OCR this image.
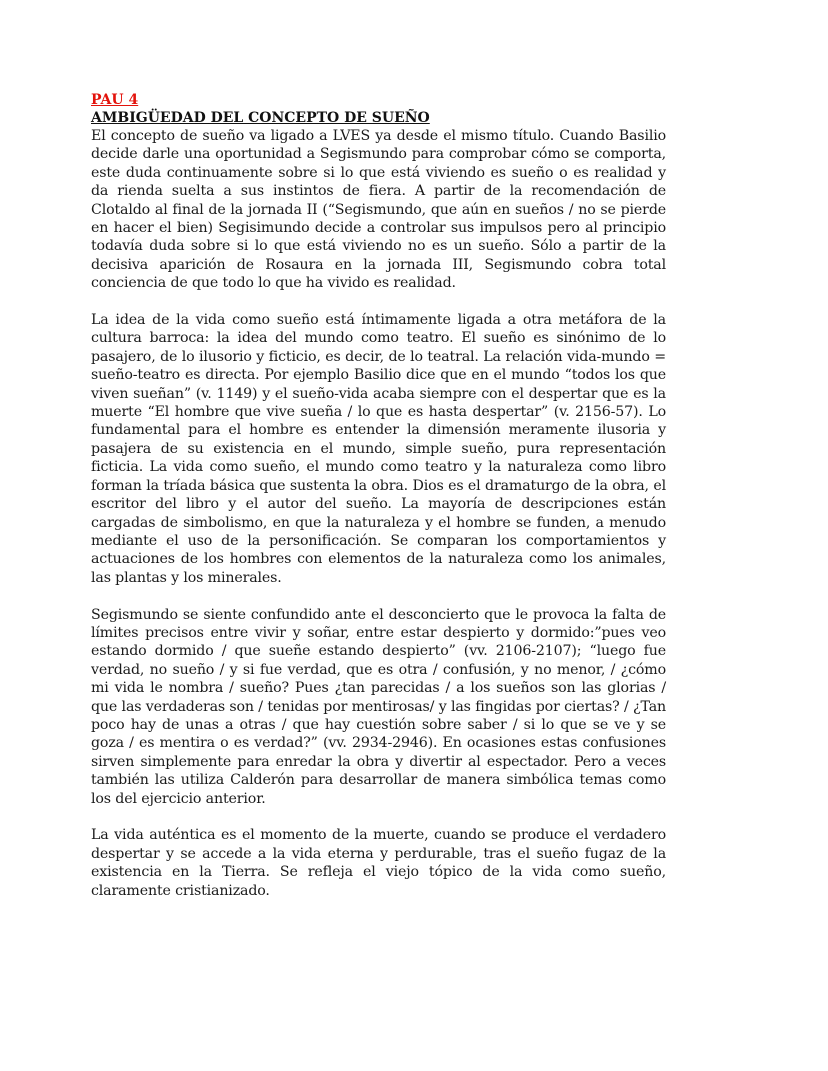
PAU 4
AMBIGÜEDAD DEL CONCEPTO DE SUEÑO

El concepto de sueño va ligado a LVES ya desde el mismo título. Cuando Basilio decide darle una oportunidad a Segismundo para comprobar cómo se comporta, este duda continuamente sobre si lo que está viviendo es sueño o es realidad y da rienda suelta a sus instintos de fiera. A partir de la recomendación de Clotaldo al final de la jornada II (“Segismundo, que aún en sueños / no se pierde en hacer el bien) Segisimundo decide a controlar sus impulsos pero al principio todavía duda sobre si lo que está viviendo no es un sueño. Sólo a partir de la decisiva aparición de Rosaura en la jornada III, Segismundo cobra total conciencia de que todo lo que ha vivido es realidad.

La idea de la vida como sueño está íntimamente ligada a otra metáfora de la cultura barroca: la idea del mundo como teatro. El sueño es sinónimo de lo pasajero, de lo ilusorio y ficticio, es decir, de lo teatral. La relación vida-mundo = sueño-teatro es directa. Por ejemplo Basilio dice que en el mundo “todos los que viven sueñan” (v. 1149) y el sueño-vida acaba siempre con el despertar que es la muerte “El hombre que vive sueña / lo que es hasta despertar” (v. 2156-57). Lo fundamental para el hombre es entender la dimensión meramente ilusoria y pasajera de su existencia en el mundo, simple sueño, pura representación ficticia. La vida como sueño, el mundo como teatro y la naturaleza como libro forman la tríada básica que sustenta la obra. Dios es el dramaturgo de la obra, el escritor del libro y el autor del sueño. La mayoría de descripciones están cargadas de simbolismo, en que la naturaleza y el hombre se funden, a menudo mediante el uso de la personificación. Se comparan los comportamientos y actuaciones de los hombres con elementos de la naturaleza como los animales, las plantas y los minerales.

Segismundo se siente confundido ante el desconcierto que le provoca la falta de límites precisos entre vivir y soñar, entre estar despierto y dormido:”pues veo estando dormido / que sueñe estando despierto” (vv. 2106-2107); “luego fue verdad, no sueño / y si fue verdad, que es otra / confusión, y no menor, / ¿cómo mi vida le nombra / sueño? Pues ¿tan parecidas / a los sueños son las glorias / que las verdaderas son / tenidas por mentirosas/ y las fingidas por ciertas? / ¿Tan poco hay de unas a otras / que hay cuestión sobre saber / si lo que se ve y se goza / es mentira o es verdad?” (vv. 2934-2946). En ocasiones estas confusiones sirven simplemente para enredar la obra y divertir al espectador. Pero a veces también las utiliza Calderón para desarrollar de manera simbólica temas como los del ejercicio anterior.

La vida auténtica es el momento de la muerte, cuando se produce el verdadero despertar y se accede a la vida eterna y perdurable, tras el sueño fugaz de la existencia en la Tierra. Se refleja el viejo tópico de la vida como sueño, claramente cristianizado.
